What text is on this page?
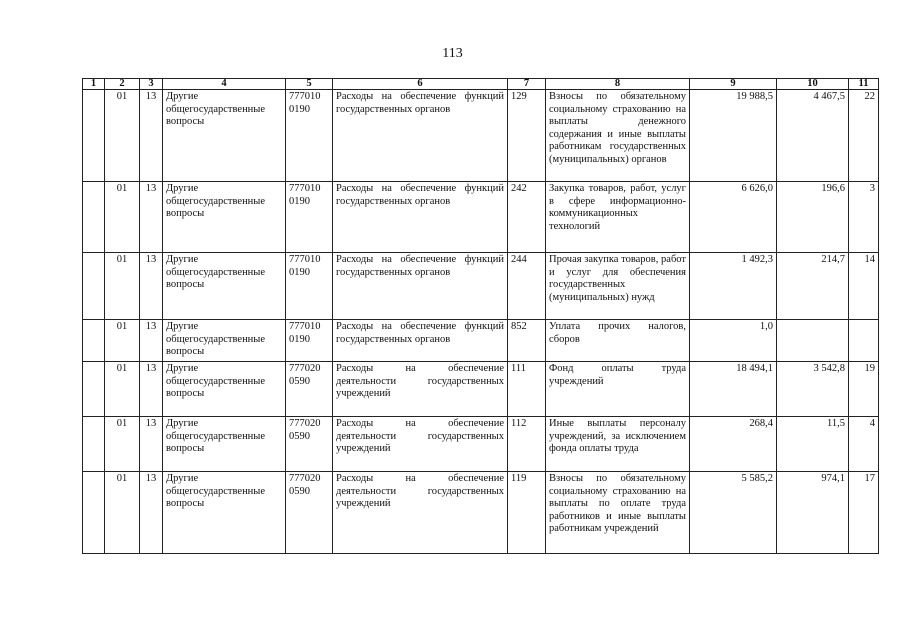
113
1	2	3	4	5	6	7	8	9	10	11
	01	13	Другие общегосударственные вопросы	777010 0190	Расходы на обеспечение функций государственных органов	129	Взносы по обязательному социальному страхованию на выплаты денежного содержания и иные выплаты работникам государственных (муниципальных) органов	19 988,5	4 467,5	22
	01	13	Другие общегосударственные вопросы	777010 0190	Расходы на обеспечение функций государственных органов	242	Закупка товаров, работ, услуг в сфере информационно-коммуникационных технологий	6 626,0	196,6	3
	01	13	Другие общегосударственные вопросы	777010 0190	Расходы на обеспечение функций государственных органов	244	Прочая закупка товаров, работ и услуг для обеспечения государственных (муниципальных) нужд	1 492,3	214,7	14
	01	13	Другие общегосударственные вопросы	777010 0190	Расходы на обеспечение функций государственных органов	852	Уплата прочих налогов, сборов	1,0		
	01	13	Другие общегосударственные вопросы	777020 0590	Расходы на обеспечение деятельности государственных учреждений	111	Фонд оплаты труда учреждений	18 494,1	3 542,8	19
	01	13	Другие общегосударственные вопросы	777020 0590	Расходы на обеспечение деятельности государственных учреждений	112	Иные выплаты персоналу учреждений, за исключением фонда оплаты труда	268,4	11,5	4
	01	13	Другие общегосударственные вопросы	777020 0590	Расходы на обеспечение деятельности государственных учреждений	119	Взносы по обязательному социальному страхованию на выплаты по оплате труда работников и иные выплаты работникам учреждений	5 585,2	974,1	17
